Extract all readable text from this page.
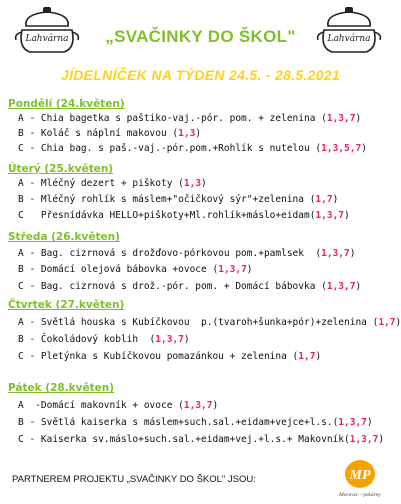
Lahvárna	Lahvárna
„SVAČINKY DO ŠKOL"
JÍDELNÍČEK NA TÝDEN 24.5. - 28.5.2021
Pondělí (24.květen)
A - Chia bagetka s paštiko-vaj.-pór. pom. + zelenina (1,3,7)
B - Koláč s náplní makovou (1,3)
C - Chia bag. s paš.-vaj.-pór.pom.+Rohlík s nutelou (1,3,5,7)
Úterý (25.květen)
A - Mléčný dezert + piškoty (1,3)
B - Mléčný rohlík s máslem+"očičkový sýr"+zelenina (1,7)
C   Přesnídávka HELLO+piškoty+Ml.rohlík+máslo+eidam(1,3,7)
Středa (26.květen)
A - Bag. cizrnová s drožďovo-pórkovou pom.+pamlsek  (1,3,7)
B - Domácí olejová bábovka +ovoce (1,3,7)
C - Bag. cizrnová s drož.-pór. pom. + Domácí bábovka (1,3,7)
Čtvrtek (27.květen)
A - Světlá houska s Kubíčkovou  p.(tvaroh+šunka+pór)+zelenina (1,7)
B - Čokoládový koblih  (1,3,7)
C - Pletýnka s Kubíčkovou pomazánkou + zelenina (1,7)
Pátek (28.květen)
A  -Domácí makovník + ovoce (1,3,7)
B - Světlá kaiserka s máslem+such.sal.+eidam+vejce+l.s.(1,3,7)
C - Kaiserka sv.máslo+such.sal.+eidam+vej.+l.s.+ Makovník(1,3,7)
PARTNEREM PROJEKTU „SVAČINKY DO ŠKOL" JSOU:	MP
Moravec - pekárny
